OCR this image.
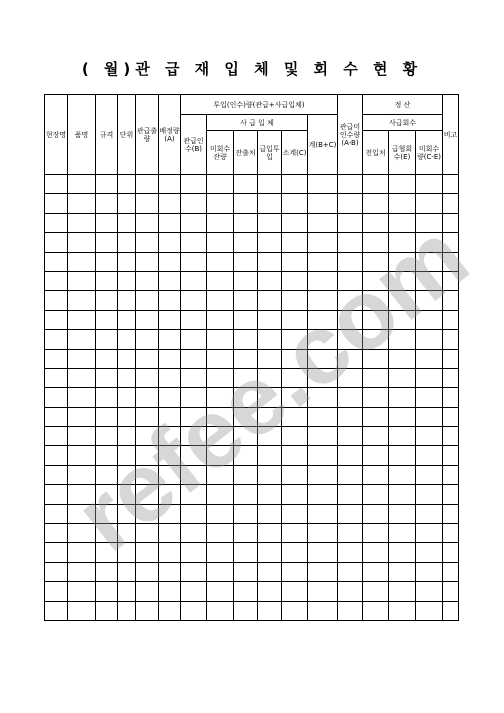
( 월)관 급 재 입 체 및 회 수 현 황
현장명	품명	규격	단위	관급출량	배정량(A)	투입(인수)량(관급+사급입체)						관급미인수량(A-B)	정 산			비고

						관급인수(B)	사 급 입 체				계(B+C)		사급회수			

							미회수잔량	잔출처	급입투입	소계(C)			전입처	급혈회수(E)	미회수량(C-E)	

refee.com
